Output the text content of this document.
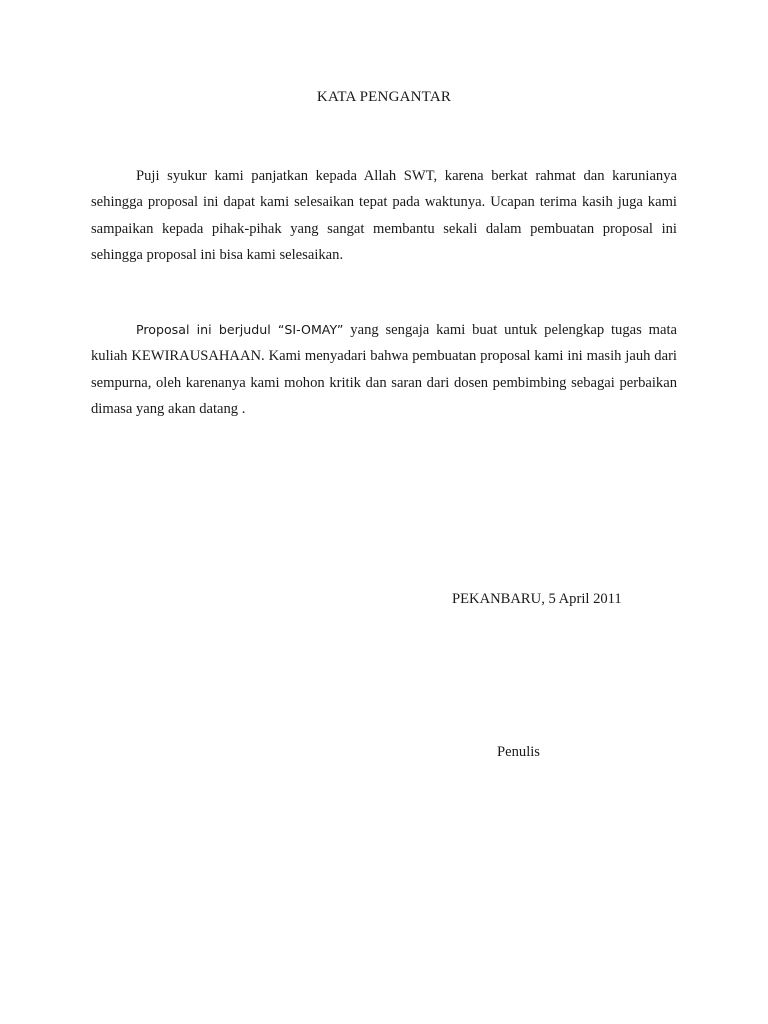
KATA PENGANTAR

Puji syukur kami panjatkan kepada Allah SWT, karena berkat rahmat dan karunianya sehingga proposal ini dapat kami selesaikan tepat pada waktunya. Ucapan terima kasih juga kami sampaikan kepada pihak-pihak yang sangat membantu sekali dalam pembuatan proposal ini sehingga proposal ini bisa kami selesaikan.

Proposal ini berjudul “SI-OMAY” yang sengaja kami buat untuk pelengkap tugas mata kuliah KEWIRAUSAHAAN. Kami menyadari bahwa pembuatan proposal kami ini masih jauh dari sempurna, oleh karenanya kami mohon kritik dan saran dari dosen pembimbing sebagai perbaikan dimasa yang akan datang .

PEKANBARU, 5 April 2011

Penulis
